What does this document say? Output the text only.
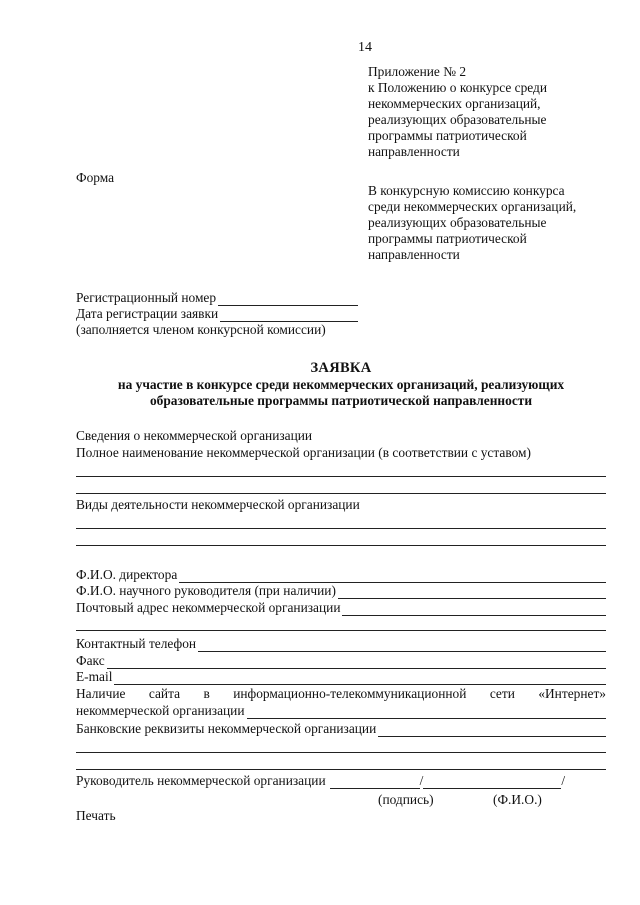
14
Приложение № 2
к Положению о конкурсе среди
некоммерческих организаций,
реализующих образовательные
программы патриотической
направленности
Форма
В конкурсную комиссию конкурса
среди некоммерческих организаций,
реализующих образовательные
программы патриотической
направленности
Регистрационный номер
Дата регистрации заявки
(заполняется членом конкурсной комиссии)
ЗАЯВКА
на участие в конкурсе среди некоммерческих организаций, реализующих
образовательные программы патриотической направленности
Сведения о некоммерческой организации
Полное наименование некоммерческой организации (в соответствии с уставом)
Виды деятельности некоммерческой организации
Ф.И.О. директора
Ф.И.О. научного руководителя (при наличии)
Почтовый адрес некоммерческой организации
Контактный телефон
Факс
E-mail
Наличие сайта в информационно-телекоммуникационной сети «Интернет»
некоммерческой организации
Банковские реквизиты некоммерческой организации
Руководитель некоммерческой организации	/	/
(подпись)	(Ф.И.О.)
Печать
